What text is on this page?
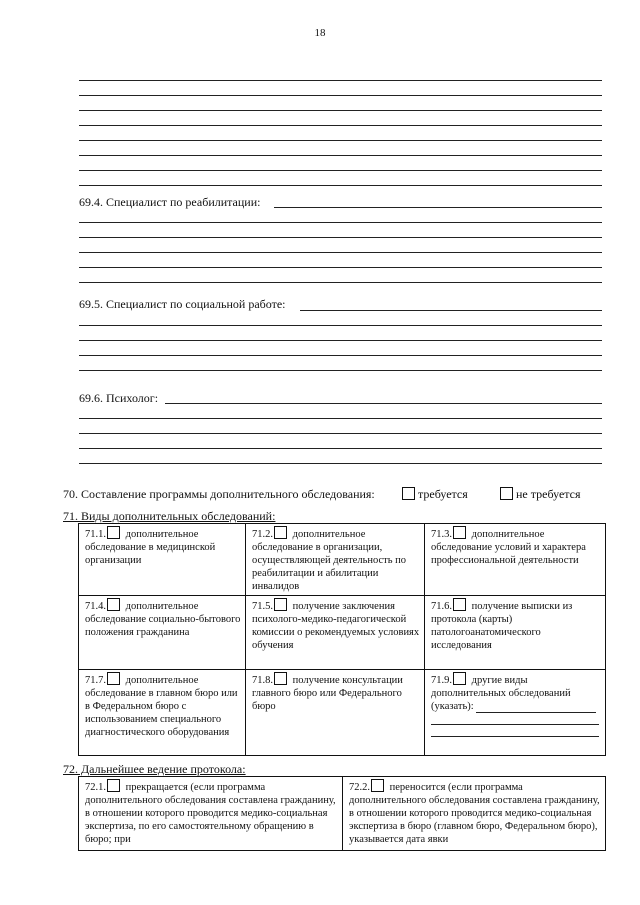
18
69.4. Специалист по реабилитации:
69.5. Специалист по социальной работе:
69.6. Психолог:
70. Составление программы дополнительного обследования:	требуется	не требуется
71. Виды дополнительных обследований:
71.1. дополнительное обследование в медицинской организации	71.2. дополнительное обследование в организации, осуществляющей деятельность по реабилитации и абилитации инвалидов	71.3. дополнительное обследование условий и характера профессиональной деятельности

71.4. дополнительное обследование социально-бытового положения гражданина	71.5. получение заключения психолого-медико-педагогической комиссии о рекомендуемых условиях обучения	71.6. получение выписки из протокола (карты) патологоанатомического исследования

71.7. дополнительное обследование в главном бюро или в Федеральном бюро с использованием специального диагностического оборудования	71.8. получение консультации главного бюро или Федерального бюро	71.9. другие виды дополнительных обследований (указать):
72. Дальнейшее ведение протокола:
72.1. прекращается (если программа дополнительного обследования составлена гражданину, в отношении которого проводится медико-социальная экспертиза, по его самостоятельному обращению в бюро; при

72.2. переносится (если программа дополнительного обследования составлена гражданину, в отношении которого проводится медико-социальная экспертиза в бюро (главном бюро, Федеральном бюро), указывается дата явки
